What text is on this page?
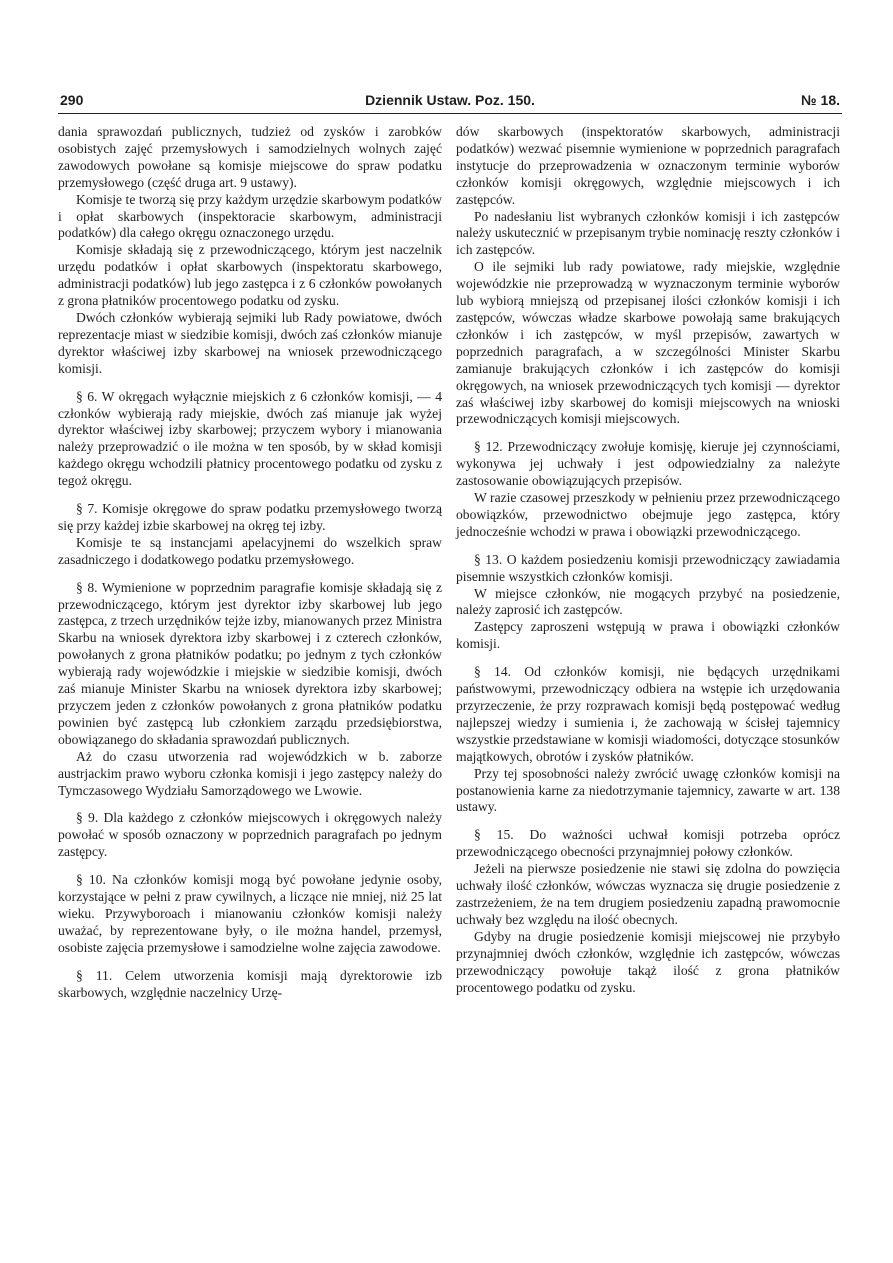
290	Dziennik Ustaw. Poz. 150.	№ 18.

dania sprawozdań publicznych, tudzież od zysków i zarobków osobistych zajęć przemysłowych i samodzielnych wolnych zajęć zawodowych powołane są komisje miejscowe do spraw podatku przemysłowego (część druga art. 9 ustawy).

Komisje te tworzą się przy każdym urzędzie skarbowym podatków i opłat skarbowych (inspektoracie skarbowym, administracji podatków) dla całego okręgu oznaczonego urzędu.

Komisje składają się z przewodniczącego, którym jest naczelnik urzędu podatków i opłat skarbowych (inspektoratu skarbowego, administracji podatków) lub jego zastępca i z 6 członków powołanych z grona płatników procentowego podatku od zysku.

Dwóch członków wybierają sejmiki lub Rady powiatowe, dwóch reprezentacje miast w siedzibie komisji, dwóch zaś członków mianuje dyrektor właściwej izby skarbowej na wniosek przewodniczącego komisji.

§ 6. W okręgach wyłącznie miejskich z 6 członków komisji, — 4 członków wybierają rady miejskie, dwóch zaś mianuje jak wyżej dyrektor właściwej izby skarbowej; przyczem wybory i mianowania należy przeprowadzić o ile można w ten sposób, by w skład komisji każdego okręgu wchodzili płatnicy procentowego podatku od zysku z tegoż okręgu.

§ 7. Komisje okręgowe do spraw podatku przemysłowego tworzą się przy każdej izbie skarbowej na okręg tej izby.

Komisje te są instancjami apelacyjnemi do wszelkich spraw zasadniczego i dodatkowego podatku przemysłowego.

§ 8. Wymienione w poprzednim paragrafie komisje składają się z przewodniczącego, którym jest dyrektor izby skarbowej lub jego zastępca, z trzech urzędników tejże izby, mianowanych przez Ministra Skarbu na wniosek dyrektora izby skarbowej i z czterech członków, powołanych z grona płatników podatku; po jednym z tych członków wybierają rady wojewódzkie i miejskie w siedzibie komisji, dwóch zaś mianuje Minister Skarbu na wniosek dyrektora izby skarbowej; przyczem jeden z członków powołanych z grona płatników podatku powinien być zastępcą lub członkiem zarządu przedsiębiorstwa, obowiązanego do składania sprawozdań publicznych.

Aż do czasu utworzenia rad wojewódzkich w b. zaborze austrjackim prawo wyboru członka komisji i jego zastępcy należy do Tymczasowego Wydziału Samorządowego we Lwowie.

§ 9. Dla każdego z członków miejscowych i okręgowych należy powołać w sposób oznaczony w poprzednich paragrafach po jednym zastępcy.

§ 10. Na członków komisji mogą być powołane jedynie osoby, korzystające w pełni z praw cywilnych, a liczące nie mniej, niż 25 lat wieku. Przywyboroach i mianowaniu członków komisji należy uważać, by reprezentowane były, o ile można handel, przemysł, osobiste zajęcia przemysłowe i samodzielne wolne zajęcia zawodowe.

§ 11. Celem utworzenia komisji mają dyrektorowie izb skarbowych, względnie naczelnicy Urzę-

dów skarbowych (inspektoratów skarbowych, administracji podatków) wezwać pisemnie wymienione w poprzednich paragrafach instytucje do przeprowadzenia w oznaczonym terminie wyborów członków komisji okręgowych, względnie miejscowych i ich zastępców.

Po nadesłaniu list wybranych członków komisji i ich zastępców należy uskutecznić w przepisanym trybie nominację reszty członków i ich zastępców.

O ile sejmiki lub rady powiatowe, rady miejskie, względnie wojewódzkie nie przeprowadzą w wyznaczonym terminie wyborów lub wybiorą mniejszą od przepisanej ilości członków komisji i ich zastępców, wówczas władze skarbowe powołają same brakujących członków i ich zastępców, w myśl przepisów, zawartych w poprzednich paragrafach, a w szczególności Minister Skarbu zamianuje brakujących członków i ich zastępców do komisji okręgowych, na wniosek przewodniczących tych komisji — dyrektor zaś właściwej izby skarbowej do komisji miejscowych na wnioski przewodniczących komisji miejscowych.

§ 12. Przewodniczący zwołuje komisję, kieruje jej czynnościami, wykonywa jej uchwały i jest odpowiedzialny za należyte zastosowanie obowiązujących przepisów.

W razie czasowej przeszkody w pełnieniu przez przewodniczącego obowiązków, przewodnictwo obejmuje jego zastępca, który jednocześnie wchodzi w prawa i obowiązki przewodniczącego.

§ 13. O każdem posiedzeniu komisji przewodniczący zawiadamia pisemnie wszystkich członków komisji.

W miejsce członków, nie mogących przybyć na posiedzenie, należy zaprosić ich zastępców.

Zastępcy zaproszeni wstępują w prawa i obowiązki członków komisji.

§ 14. Od członków komisji, nie będących urzędnikami państwowymi, przewodniczący odbiera na wstępie ich urzędowania przyrzeczenie, że przy rozprawach komisji będą postępować według najlepszej wiedzy i sumienia i, że zachowają w ścisłej tajemnicy wszystkie przedstawiane w komisji wiadomości, dotyczące stosunków majątkowych, obrotów i zysków płatników.

Przy tej sposobności należy zwrócić uwagę członków komisji na postanowienia karne za niedotrzymanie tajemnicy, zawarte w art. 138 ustawy.

§ 15. Do ważności uchwał komisji potrzeba oprócz przewodniczącego obecności przynajmniej połowy członków.

Jeżeli na pierwsze posiedzenie nie stawi się zdolna do powzięcia uchwały ilość członków, wówczas wyznacza się drugie posiedzenie z zastrzeżeniem, że na tem drugiem posiedzeniu zapadną prawomocnie uchwały bez względu na ilość obecnych.

Gdyby na drugie posiedzenie komisji miejscowej nie przybyło przynajmniej dwóch członków, względnie ich zastępców, wówczas przewodniczący powołuje takąż ilość z grona płatników procentowego podatku od zysku.
